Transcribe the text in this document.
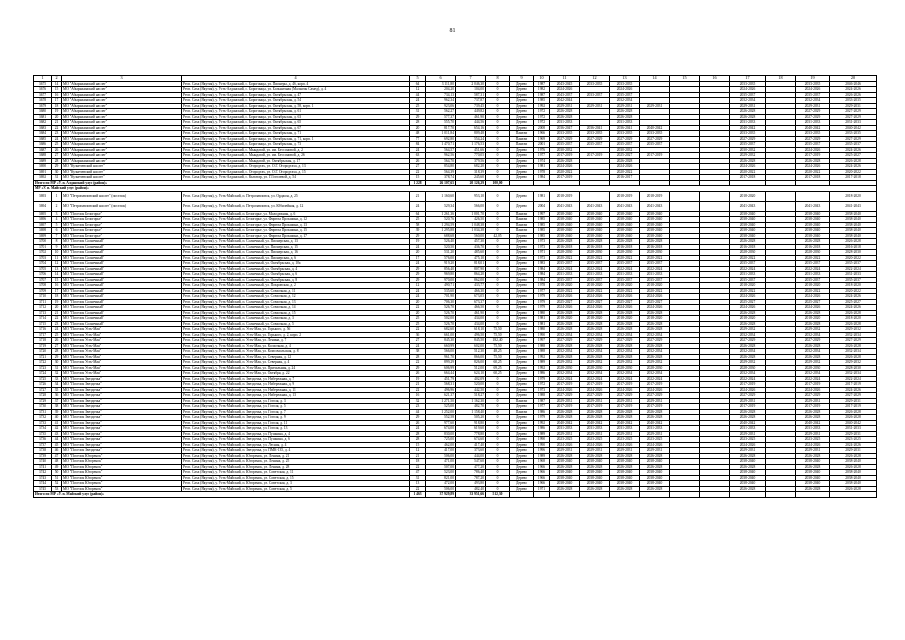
81
1	2	3	4	5	6	7	8	9	10	11	12	13	14	15	16	17	18	19	20
3675	14	МО "Абырыкинский наслег"	Респ. Саха (Якутия), у. Усть-Алданский, с. Борогонцы, ул. Пионеры, д. 46, корп. 4	64	3 111,80	2 046,30	0	Дерево	1987	2043-2045	2033-2035	2033-2035				2033-2035		2033-2035	2046-2046
3676	15	МО "Абырыкинский наслег"	Респ. Саха (Якутия), у. Усть-Алданский, с. Борогонцы, ул. Больничная (Малыгин Самед), д. 4	12	204,20	104,00	0	Дерево	1982	2024-2026		2024-2026				2024-2026		2024-2026	2024-2026
3677	16	МО "Абырыкинский наслег"	Респ. Саха (Якутия), у. Усть-Алданский, с. Борогонцы, ул. Октябрьская, д. 47	44	734,13	587,31	0	Дерево	1987	2043-2037	2033-2037	2035-2037				2035-2037		2035-2037	2026-2026
3678	17	МО "Абырыкинский наслег"	Респ. Саха (Якутия), у. Усть-Алданский, с. Борогонцы, ул. Октябрьская, д. 54	24	962,34	737,87	0	Дерево	1985	2042-2044		2032-2034				2032-2034		2032-2034	2033-2035
3679	18	МО "Абырыкинский наслег"	Респ. Саха (Якутия), у. Усть-Алданский, с. Борогонцы, ул. Октябрьская, д. 58, корп. 1	25	923,06	739,45	0	Дерево	1992	2029-2031	2029-2031	2029-2031	2029-2031			2029-2031		2029-2031	2029-2031
3680	19	МО "Абырыкинский наслег"	Респ. Саха (Якутия), у. Усть-Алданский, с. Борогонцы, ул. Октябрьская, д. 61	31	562,27	449,82	0	Дерево	1972	2026-2028		2026-2028				2026-2028		2027-2029	2027-2029
3681	20	МО "Абырыкинский наслег"	Респ. Саха (Якутия), у. Усть-Алданский, с. Борогонцы, ул. Октябрьская, д. 63	29	577,37	461,90	0	Дерево	1972	2026-2028		2026-2028				2026-2028		2027-2029	2027-2029
3682	21	МО "Абырыкинский наслег"	Респ. Саха (Якутия), у. Усть-Алданский, с. Борогонцы, ул. Октябрьская, д. 65	28	555,70	444,56	0	Дерево	1972	2031-2033		2031-2033				2031-2033		2031-2033	2031-2033
3683	22	МО "Абырыкинский наслег"	Респ. Саха (Якутия), у. Усть-Алданский, с. Борогонцы, ул. Октябрьская, д. 67	20	817,70	654,16	0	Дерево	2008	2036-2047	2036-2041	2036-2041	2040-2042			2040-2042		2040-2042	2040-2042
3684	23	МО "Абырыкинский наслег"	Респ. Саха (Якутия), у. Усть-Алданский, с. Борогонцы, ул. Октябрьская, д. 71	48	1 011,84	809,48	0	Панели	1966	2033-2035	2033-2035	2033-2035	2033-2035			2033-2035		2033-2035	2033-2035
3685	24	МО "Абырыкинский наслег"	Респ. Саха (Якутия), у. Усть-Алданский, с. Борогонцы, ул. Октябрьская, д. 71, корп. 1	77	692,80	554,24	0	Панели	1969	2027-2029	2027-2029	2027-2029	2027-2029			2027-2029		2027-2029	2027-2029
3686	25	МО "Абырыкинский наслег"	Респ. Саха (Якутия), у. Усть-Алданский, с. Борогонцы, ул. Октябрьская, д. 73	84	1 470,71	1 176,53	0	Панели	2001	2035-2037	2035-2037	2035-2037	2035-2037			2035-2037		2035-2037	2035-2037
3687	26	МО "Абырыкинский наслег"	Респ. Саха (Якутия), у. Усть-Алданский, с. Мындагай, ул. им. Бессоновой, д. 2	24	564,57	451,66	0	Дерево	1976	2030-2032		2030-2032				2030-2032		2024-2026	2024-2026
3688	27	МО "Абырыкинский наслег"	Респ. Саха (Якутия), у. Усть-Алданский, с. Мындагай, ул. им. Бессоновой, д. 26	63	962,56	770,05	0	Дерево	1977	2017-2019	2017-2019	2025-2027	2017-2019			2029-2032		2017-2019	2025-2027
3689	28	МО "Абырыкинский наслег"	Респ. Саха (Якутия), у. Усть-Алданский, с. Мындагай, ул. Октябрьская, д. 17	26	564,70	379,56	0	Дерево	1974	2026-2028		2026-2028				2026-2028		2026-2028	2026-2028
3690	29	МО "Кузнечевский наслег"	Респ. Саха (Якутия), у. Усть-Алданский, с. Огородтах, ул. О.Г. Огородтаха, д. 13	27	854,80	682,20	0	Дерево	1981	2024-2026		2024-2026				2024-2026		2024-2026	2024-2026
3691	30	МО "Кузнечевский наслег"	Респ. Саха (Якутия), у. Усть-Алданский, с. Огородтах, ул. О.Г. Огородтаха, д. 15	22	564,39	318,39	0	Дерево	1978	2020-2022		2020-2022				2020-2022		2020-2022	2020-2022
3692	31	МО "Кузнечевский наслег"	Респ. Саха (Якутия), у. Усть-Алданский, с. Кытатар, ул. Г.Гоголевой, д. 54	15	378,74	245,60	0	Дерево	1984	2017-2019		2016-2017				2017-2018		2017-2018	2017-2018
Итого по МР «У. п. Алданский улус (район)»				1 228	26 107,65	20 126,29	100,00												
МР «У. п. Майский улус (район)»																			
3693	1	МО "Петропавловский наслег" (поселок)	Респ. Саха (Якутия), у. Усть-Майский, п. Петропавловск, ул. Орджон, д. 25	21	1 160,60	953,10	0	Дерево	1981	2018-2019		2018-2019	2018-2019			2018-2020			2018-2020
3694	2	МО "Петропавловский наслег" (поселок)	Респ. Саха (Якутия), у. Усть-Майский, п. Петропавловск, ул. Юбилейная, д. 12	24	529,34	566,00	0	Дерево	2004	2041-2043	2041-2043	2041-2043	2041-2043			2041-2043		2041-2043	2041-2043
3695	3	МО "Поселок Белогорье"	Респ. Саха (Якутия), у. Усть-Майский, п. Белогорье, ул. Молодежная, д. 6	64	1 261,36	1 001,70	0	Панели	1997	2038-2040	2038-2040	2038-2040	2038-2040			2038-2040		2038-2040	2038-2040
3696	4	МО "Поселок Белогорье"	Респ. Саха (Якутия), у. Усть-Майский, п. Белогорье, ул. Фирюза Прокшина, д. 12	25	520,76	426,50	0	Панели	1985	2038-2040	2038-2040	2038-2040	2038-2040			2038-2040		2038-2040	2038-2040
3697	5	МО "Поселок Белогорье"	Респ. Саха (Якутия), у. Усть-Майский, п. Белогорье, ул. Фирюза Прокшина, д. 13	58	1 294,59	1 048,38	0	Панели	1985	2038-2040	2038-2040	2038-2040	2038-2040			2038-2040		2038-2040	2038-2040
3698	6	МО "Поселок Белогорье"	Респ. Саха (Якутия), у. Усть-Майский, п. Белогорье, ул. Фирюза Прокшина, д. 15	39	1 295,88	1 034,38	0	Панели	1985	2038-2040	2038-2040	2038-2040	2038-2040			2038-2040		2038-2040	2038-2040
3699	7	МО "Поселок Белогорье"	Респ. Саха (Якутия), у. Усть-Майский, п. Белогорье, ул. Фирюза Прокшина, д. 17	29	688,68	560,00	42,05	Дерево	1985	2038-2040	2038-2040	2038-2040	2038-2040			2038-2040		2038-2040	2038-2040
3700	8	МО "Поселок Солнечный"	Респ. Саха (Якутия), у. Усть-Майский, п. Солнечный, ул. Пионерская, д. 13	19	526,40	457,30	0	Дерево	1973	2026-2028	2026-2028	2026-2028	2026-2028			2026-2028		2026-2028	2026-2028
3701	9	МО "Поселок Солнечный"	Респ. Саха (Якутия), у. Усть-Майский, п. Солнечный, ул. Пионерская, д. 15	24	520,50	436,70	0	Дерево	1973	2016-2018	2016-2018	2016-2018	2016-2018			2016-2018		2016-2018	2016-2018
3702	10	МО "Поселок Солнечный"	Респ. Саха (Якутия), у. Усть-Майский, п. Солнечный, ул. Пионерская, д. 16	20	531,20	485,60	0	Дерево	1971	2028-2030	2028-2030	2028-2030	2028-2030			2028-2030		2028-2030	2028-2030
3703	11	МО "Поселок Солнечный"	Респ. Саха (Якутия), у. Усть-Майский, п. Солнечный, ул. Пионерская, д. 6	17	576,00	475,10	0	Дерево	1973	2020-2022	2020-2022	2020-2022	2020-2022			2020-2022		2020-2022	2020-2022
3704	12	МО "Поселок Солнечный"	Респ. Саха (Якутия), у. Усть-Майский, п. Солнечный, ул. Октябрьская, д. 10а	24	919,20	818,01	0	Дерево	1983	2035-2037	2035-2037	2035-2037	2035-2037			2035-2037		2035-2037	2035-2037
3705	13	МО "Поселок Солнечный"	Респ. Саха (Якутия), у. Усть-Майский, п. Солнечный, ул. Октябрьская, д. 4	29	856,40	807,90	0	Дерево	1984	2022-2024	2022-2024	2022-2024	2022-2024			2022-2024		2022-2024	2022-2024
3706	14	МО "Поселок Солнечный"	Респ. Саха (Якутия), у. Усть-Майский, п. Солнечный, ул. Октябрьская, д. 6	29	969,80	864,20	0	Дерево	1984	2031-2033	2031-2033	2031-2033	2031-2033			2031-2033		2031-2033	2031-2033
3707	15	МО "Поселок Солнечный"	Респ. Саха (Якутия), у. Усть-Майский, п. Солнечный, ул. Октябрьская, д. 8	29	970,00	862,00	0	Дерево	1984	2035-2037	2035-2037	2035-2037	2035-2037			2035-2037		2035-2037	2035-2037
3708	16	МО "Поселок Солнечный"	Респ. Саха (Якутия), у. Усть-Майский, п. Солнечный, ул. Покровская, д. 2	12	490,71	433,77	0	Дерево	1978	2018-2020	2018-2020	2018-2020	2018-2020			2018-2020		2018-2020	2018-2020
3709	17	МО "Поселок Солнечный"	Респ. Саха (Якутия), у. Усть-Майский, п. Солнечный, ул. Совхозная, д. 11	24	535,60	466,30	0	Дерево	1977	2020-2022	2020-2022	2020-2022	2020-2022			2020-2022		2020-2022	2020-2022
3710	18	МО "Поселок Солнечный"	Респ. Саха (Якутия), у. Усть-Майский, п. Солнечный, ул. Совхозная, д. 12	24	701,90	673,05	0	Дерево	1979	2024-2026	2024-2026	2024-2026	2024-2026			2024-2026		2024-2026	2024-2026
3711	19	МО "Поселок Солнечный"	Респ. Саха (Якутия), у. Усть-Майский, п. Солнечный, ул. Совхозная, д. 13	20	706,30	673,37	0	Дерево	1979	2025-2027	2025-2027	2025-2027	2025-2027			2025-2027		2025-2027	2025-2027
3712	20	МО "Поселок Солнечный"	Респ. Саха (Якутия), у. Усть-Майский, п. Солнечный, ул. Совхозная, д. 14	22	526,70	466,50	0	Дерево	1979	2024-2026	2024-2026	2024-2026	2024-2026			2024-2026		2024-2026	2024-2026
3713	21	МО "Поселок Солнечный"	Респ. Саха (Якутия), у. Усть-Майский, п. Солнечный, ул. Совхозная, д. 15	20	526,70	461,90	0	Дерево	1980	2026-2028	2026-2028	2026-2028	2026-2028			2026-2028		2026-2028	2026-2028
3714	22	МО "Поселок Солнечный"	Респ. Саха (Якутия), у. Усть-Майский, п. Солнечный, ул. Совхозная, д. 3	25	502,00	434,00	0	Дерево	1981	2018-2020	2018-2020	2018-2020	2018-2020			2018-2020		2018-2020	2018-2020
3715	23	МО "Поселок Солнечный"	Респ. Саха (Якутия), у. Усть-Майский, п. Солнечный, ул. Совхозная, д. 5	25	526,70	434,00	0	Дерево	1981	2026-2028	2026-2028	2026-2028	2026-2028			2026-2028		2026-2028	2026-2028
3716	24	МО "Поселок Усть-Мая"	Респ. Саха (Якутия), у. Усть-Майский, п. Усть-Мая, ул. Горького, д. 56	22	682,60	618,10	75,50	Дерево	1980	2026-2028	2026-2028	2026-2028	2026-2028			2029-2032		2029-2032	2029-2032
3717	25	МО "Поселок Усть-Мая"	Респ. Саха (Якутия), у. Усть-Майский, п. Усть-Мая, ул. Горького, д. 2, корп. 2	36	661,00	496,50	75,50	Дерево	1990	2032-2034	2032-2034	2032-2034	2032-2034			2032-2034		2032-2034	2032-2034
3718	26	МО "Поселок Усть-Мая"	Респ. Саха (Якутия), у. Усть-Майский, п. Усть-Мая, ул. Ленина, д. 7	27	845,30	845,50	182,40	Дерево	1997	2027-2029	2027-2029	2027-2029	2027-2029			2027-2029		2027-2029	2027-2029
3719	27	МО "Поселок Усть-Мая"	Респ. Саха (Якутия), у. Усть-Майский, п. Усть-Мая, ул. Колхозная, д. 4	24	660,99	602,00	75,50	Дерево	1988	2026-2028	2026-2028	2026-2028	2026-2028			2026-2028		2026-2028	2026-2028
3720	28	МО "Поселок Усть-Мая"	Респ. Саха (Якутия), у. Усть-Майский, п. Усть-Мая, ул. Комсомольская, д. 8	38	566,00	512,30	48,25	Дерево	1988	2032-2034	2032-2034	2032-2034	2032-2034			2032-2034		2032-2034	2032-2034
3721	29	МО "Поселок Усть-Мая"	Респ. Саха (Якутия), у. Усть-Майский, п. Усть-Мая, ул. Северная, д. 12	28	961,70	866,00	75,50	Дерево	1992	2026-2028	2026-2028	2026-2028	2026-2028			2026-2028		2026-2028	2026-2028
3722	30	МО "Поселок Усть-Мая"	Респ. Саха (Якутия), у. Усть-Майский, п. Усть-Мая, ул. Северная, д. 4	22	899,29	826,00	60,25	Дерево	1989	2029-2032	2029-2032	2029-2032	2029-2032			2029-2032		2029-2032	2029-2032
3723	31	МО "Поселок Усть-Мая"	Респ. Саха (Якутия), у. Усть-Майский, п. Усть-Мая, ул. Причальная, д. 24	29	606,99	512,00	69,25	Дерево	1992	2028-2030	2028-2030	2028-2030	2028-2030			2028-2030		2028-2030	2028-2030
3724	32	МО "Поселок Усть-Мая"	Респ. Саха (Якутия), у. Усть-Майский, п. Усть-Мая, ул. Октября, д. 22	26	664,44	624,10	60,25	Дерево	1986	2032-2034	2032-2034	2032-2034	2032-2034			2032-2034		2032-2034	2032-2034
3725	33	МО "Поселок Звездочка"	Респ. Саха (Якутия), у. Усть-Майский, п. Звездочка, ул. Набережная, д. 7	19	451,79	402,09	0	Дерево	1979	2022-2024	2022-2024	2022-2024	2022-2024			2022-2024		2022-2024	2022-2024
3726	34	МО "Поселок Звездочка"	Респ. Саха (Якутия), у. Усть-Майский, п. Звездочка, ул. Набережная, д. 9	21	568,31	520,00	0	Дерево	1972	2017-2019	2017-2019	2017-2019	2017-2019			2017-2019		2017-2019	2017-2019
3727	35	МО "Поселок Звездочка"	Респ. Саха (Якутия), у. Усть-Майский, п. Звездочка, ул. Набережная, д. 11	22	496,96	442,50	0	Дерево	1973	2024-2026	2024-2026	2024-2026	2024-2026			2024-2026		2024-2026	2024-2026
3728	36	МО "Поселок Звездочка"	Респ. Саха (Якутия), у. Усть-Майский, п. Звездочка, ул. Набережная, д. 13	16	621,37	518,27	0	Дерево	1988	2027-2029	2027-2029	2027-2029	2027-2029			2027-2029		2027-2029	2027-2029
3729	37	МО "Поселок Звездочка"	Респ. Саха (Якутия), у. Усть-Майский, п. Звездочка, ул. Гоголя, д. 3	32	1 271,50	1 162,30	0	Панели	1987	2029-2031	2029-2031	2029-2031	2029-2031			2029-2031		2029-2031	2029-2031
3730	38	МО "Поселок Звездочка"	Респ. Саха (Якутия), у. Усть-Майский, п. Звездочка, ул. Гоголя, д. 5	23	525,00	482,70	0	Дерево	1977	2017-2019	2017-2019	2017-2019	2017-2019			2017-2019		2017-2019	2017-2019
3731	39	МО "Поселок Звездочка"	Респ. Саха (Якутия), у. Усть-Майский, п. Звездочка, ул. Гоголя, д. 7	44	1 252,00	1 158,40	0	Панели	1986	2026-2028	2026-2028	2026-2028	2026-2028			2026-2028		2026-2028	2026-2028
3732	40	МО "Поселок Звездочка"	Респ. Саха (Якутия), у. Усть-Майский, п. Звездочка, ул. Гоголя, д. 9	29	552,58	505,20	0	Дерево	1979	2026-2028	2026-2028	2026-2028	2026-2028			2026-2028		2026-2028	2026-2028
3733	41	МО "Поселок Звездочка"	Респ. Саха (Якутия), у. Усть-Майский, п. Звездочка, ул. Гоголя, д. 11	26	977,60	918,80	0	Дерево	1992	2040-2042	2040-2042	2040-2042	2040-2042			2040-2042		2040-2042	2040-2042
3734	42	МО "Поселок Звездочка"	Респ. Саха (Якутия), у. Усть-Майский, п. Звездочка, ул. Гоголя, д. 13	24	674,00	619,60	0	Дерево	1986	2031-2033	2031-2033	2031-2033	2031-2033			2031-2033		2031-2033	2031-2033
3735	43	МО "Поселок Звездочка"	Респ. Саха (Якутия), у. Усть-Майский, п. Звездочка, ул. Пушкина, д. 4	28	830,00	778,80	0	Дерево	1989	2029-2031	2029-2031	2029-2031	2029-2031			2029-2031		2029-2031	2029-2031
3736	44	МО "Поселок Звездочка"	Респ. Саха (Якутия), у. Усть-Майский, п. Звездочка, ул. Пушкина, д. 6	28	725,00	674,60	0	Дерево	1990	2023-2025	2023-2025	2023-2025	2023-2025			2023-2025		2023-2025	2023-2025
3737	45	МО "Поселок Звездочка"	Респ. Саха (Якутия), у. Усть-Майский, п. Звездочка, ул. Лесная, д. 4	15	462,00	417,40	0	Дерево	1990	2024-2026	2024-2026	2024-2026	2024-2026			2024-2026		2024-2026	2024-2026
3738	46	МО "Поселок Звездочка"	Респ. Саха (Якутия), у. Усть-Майский, п. Звездочка, ул. ПМК-135, д. 4	12	417,00	373,60	0	Дерево	1996	2029-2031	2029-2031	2029-2031	2029-2031			2029-2031		2029-2031	2029-2031
3739	47	МО "Поселок Югоренок"	Респ. Саха (Якутия), у. Усть-Майский, п. Югоренок, ул. Ленина, д. 21	21	506,00	444,00	0	Дерево	1989	2026-2028	2026-2028	2026-2028	2026-2028			2026-2028		2026-2028	2026-2028
3740	48	МО "Поселок Югоренок"	Респ. Саха (Якутия), у. Усть-Майский, п. Югоренок, ул. Ленина, д. 25	18	471,00	547,60	0	Дерево	1968	2038-2040	2038-2040	2038-2040	2038-2040			2038-2040		2038-2040	2038-2040
3741	49	МО "Поселок Югоренок"	Респ. Саха (Якутия), у. Усть-Майский, п. Югоренок, ул. Ленина, д. 28	22	507,00	477,20	0	Дерево	1966	2026-2028	2026-2028	2026-2028	2026-2028			2026-2028		2026-2028	2026-2028
3742	50	МО "Поселок Югоренок"	Респ. Саха (Якутия), у. Усть-Майский, п. Югоренок, ул. Советская, д. 11	47	523,00	786,40	0	Дерево	1966	2038-2040	2038-2040	2038-2040	2038-2040			2038-2040		2038-2040	2038-2040
3743	51	МО "Поселок Югоренок"	Респ. Саха (Якутия), у. Усть-Майский, п. Югоренок, ул. Советская, д. 15	31	821,00	787,20	0	Дерево	1966	2038-2040	2038-2040	2038-2040	2038-2040			2038-2040		2038-2040	2038-2040
3744	52	МО "Поселок Югоренок"	Респ. Саха (Якутия), у. Усть-Майский, п. Югоренок, ул. Советская, д. 3	13	472,00	493,80	0	Дерево	1966	2038-2040	2038-2040	2038-2040	2038-2040			2038-2040		2038-2040	2038-2040
3745	53	МО "Поселок Югоренок"	Респ. Саха (Якутия), у. Усть-Майский, п. Югоренок, ул. Советская, д. 5	22	506,00	482,40	0	Дерево	1971	2026-2028	2026-2028	2026-2028	2026-2028			2026-2028		2026-2028	2026-2028
Итого по МР «У. п. Майский улус (район)»				1 463	37 929,89	33 951,66	512,30												
